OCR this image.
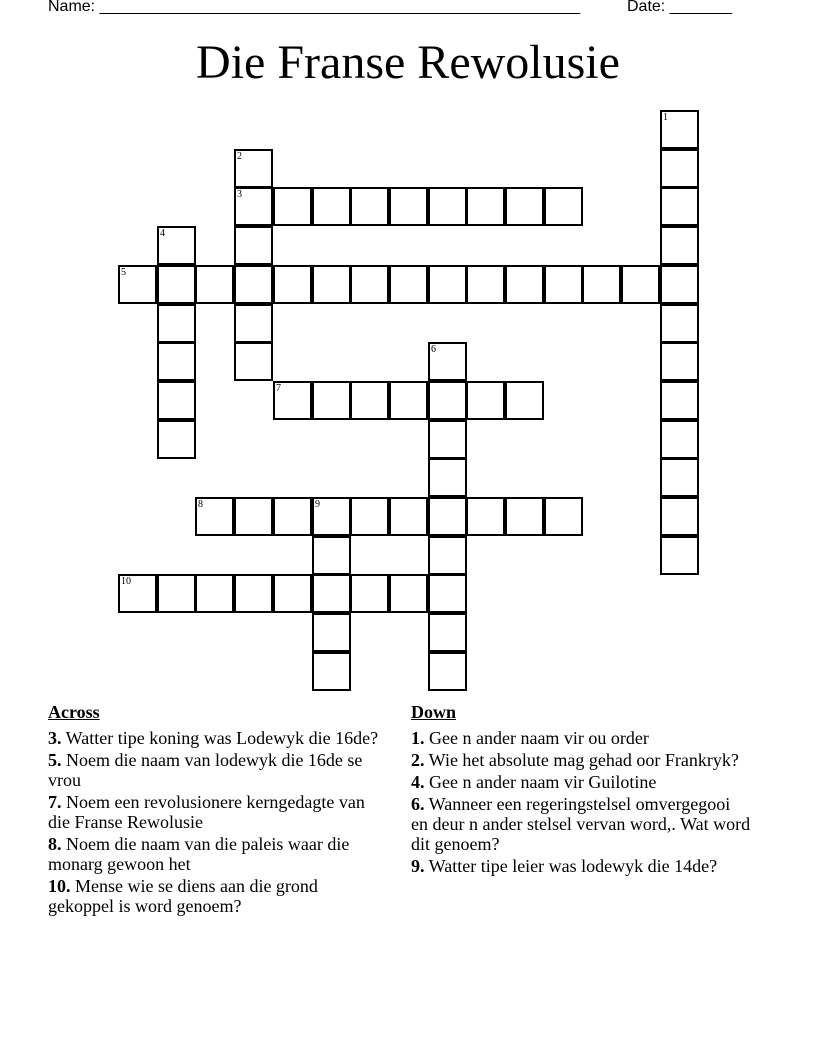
Name: ______________________________________________________	Date: _______
Die Franse Rewolusie
1
2
3
4
5
6
7
8	9
10
Across
3. Watter tipe koning was Lodewyk die 16de?
5. Noem die naam van lodewyk die 16de se vrou
7. Noem een revolusionere kerngedagte van die Franse Rewolusie
8. Noem die naam van die paleis waar die monarg gewoon het
10. Mense wie se diens aan die grond gekoppel is word genoem?
Down
1. Gee n ander naam vir ou order
2. Wie het absolute mag gehad oor Frankryk?
4. Gee n ander naam vir Guilotine
6. Wanneer een regeringstelsel omvergegooi en deur n ander stelsel vervan word,. Wat word dit genoem?
9. Watter tipe leier was lodewyk die 14de?
